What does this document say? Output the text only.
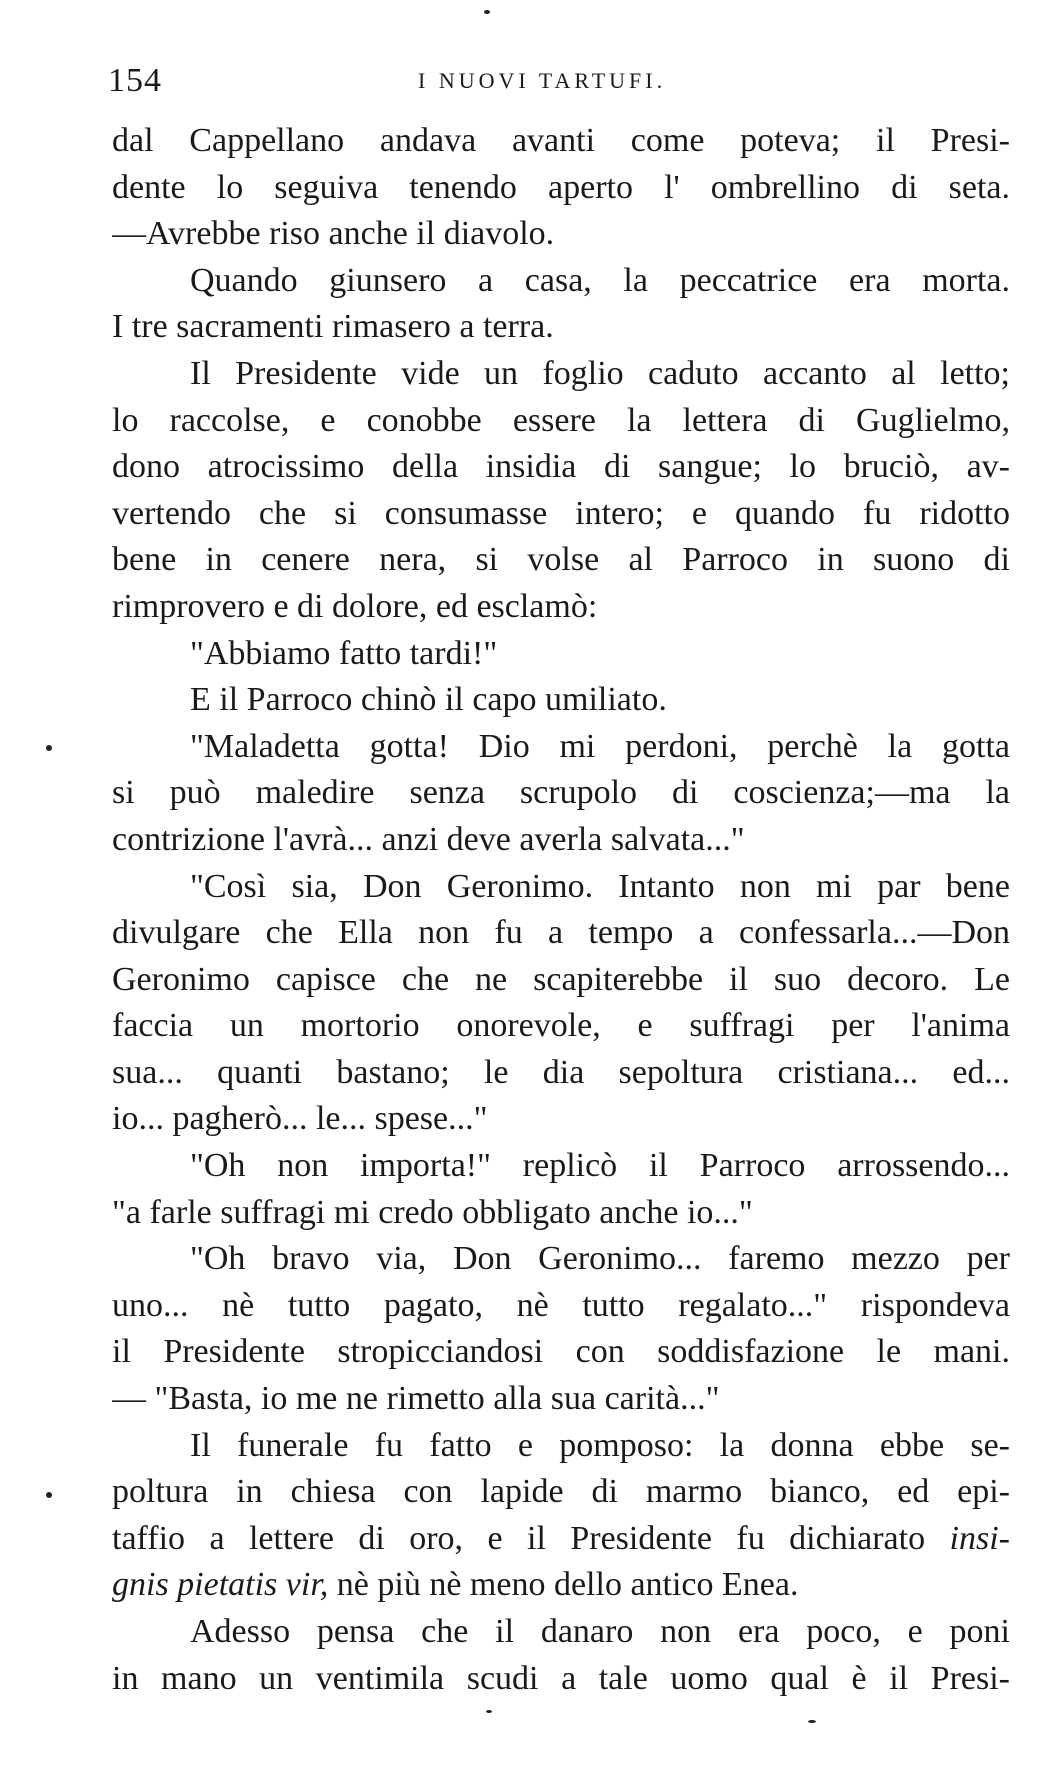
154	I NUOVI TARTUFI.
dal Cappellano andava avanti come poteva; il Presi-
dente lo seguiva tenendo aperto l' ombrellino di seta.
—Avrebbe riso anche il diavolo.
Quando giunsero a casa, la peccatrice era morta.
I tre sacramenti rimasero a terra.
Il Presidente vide un foglio caduto accanto al letto;
lo raccolse, e conobbe essere la lettera di Guglielmo,
dono atrocissimo della insidia di sangue; lo bruciò, av-
vertendo che si consumasse intero; e quando fu ridotto
bene in cenere nera, si volse al Parroco in suono di
rimprovero e di dolore, ed esclamò:
"Abbiamo fatto tardi!"
E il Parroco chinò il capo umiliato.
"Maladetta gotta! Dio mi perdoni, perchè la gotta
si può maledire senza scrupolo di coscienza;—ma la
contrizione l'avrà... anzi deve averla salvata..."
"Così sia, Don Geronimo. Intanto non mi par bene
divulgare che Ella non fu a tempo a confessarla...—Don
Geronimo capisce che ne scapiterebbe il suo decoro. Le
faccia un mortorio onorevole, e suffragi per l'anima
sua... quanti bastano; le dia sepoltura cristiana... ed...
io... pagherò... le... spese..."
"Oh non importa!" replicò il Parroco arrossendo...
"a farle suffragi mi credo obbligato anche io..."
"Oh bravo via, Don Geronimo... faremo mezzo per
uno... nè tutto pagato, nè tutto regalato..." rispondeva
il Presidente stropicciandosi con soddisfazione le mani.
— "Basta, io me ne rimetto alla sua carità..."
Il funerale fu fatto e pomposo: la donna ebbe se-
poltura in chiesa con lapide di marmo bianco, ed epi-
taffio a lettere di oro, e il Presidente fu dichiarato insi-
gnis pietatis vir, nè più nè meno dello antico Enea.
Adesso pensa che il danaro non era poco, e poni
in mano un ventimila scudi a tale uomo qual è il Presi-
